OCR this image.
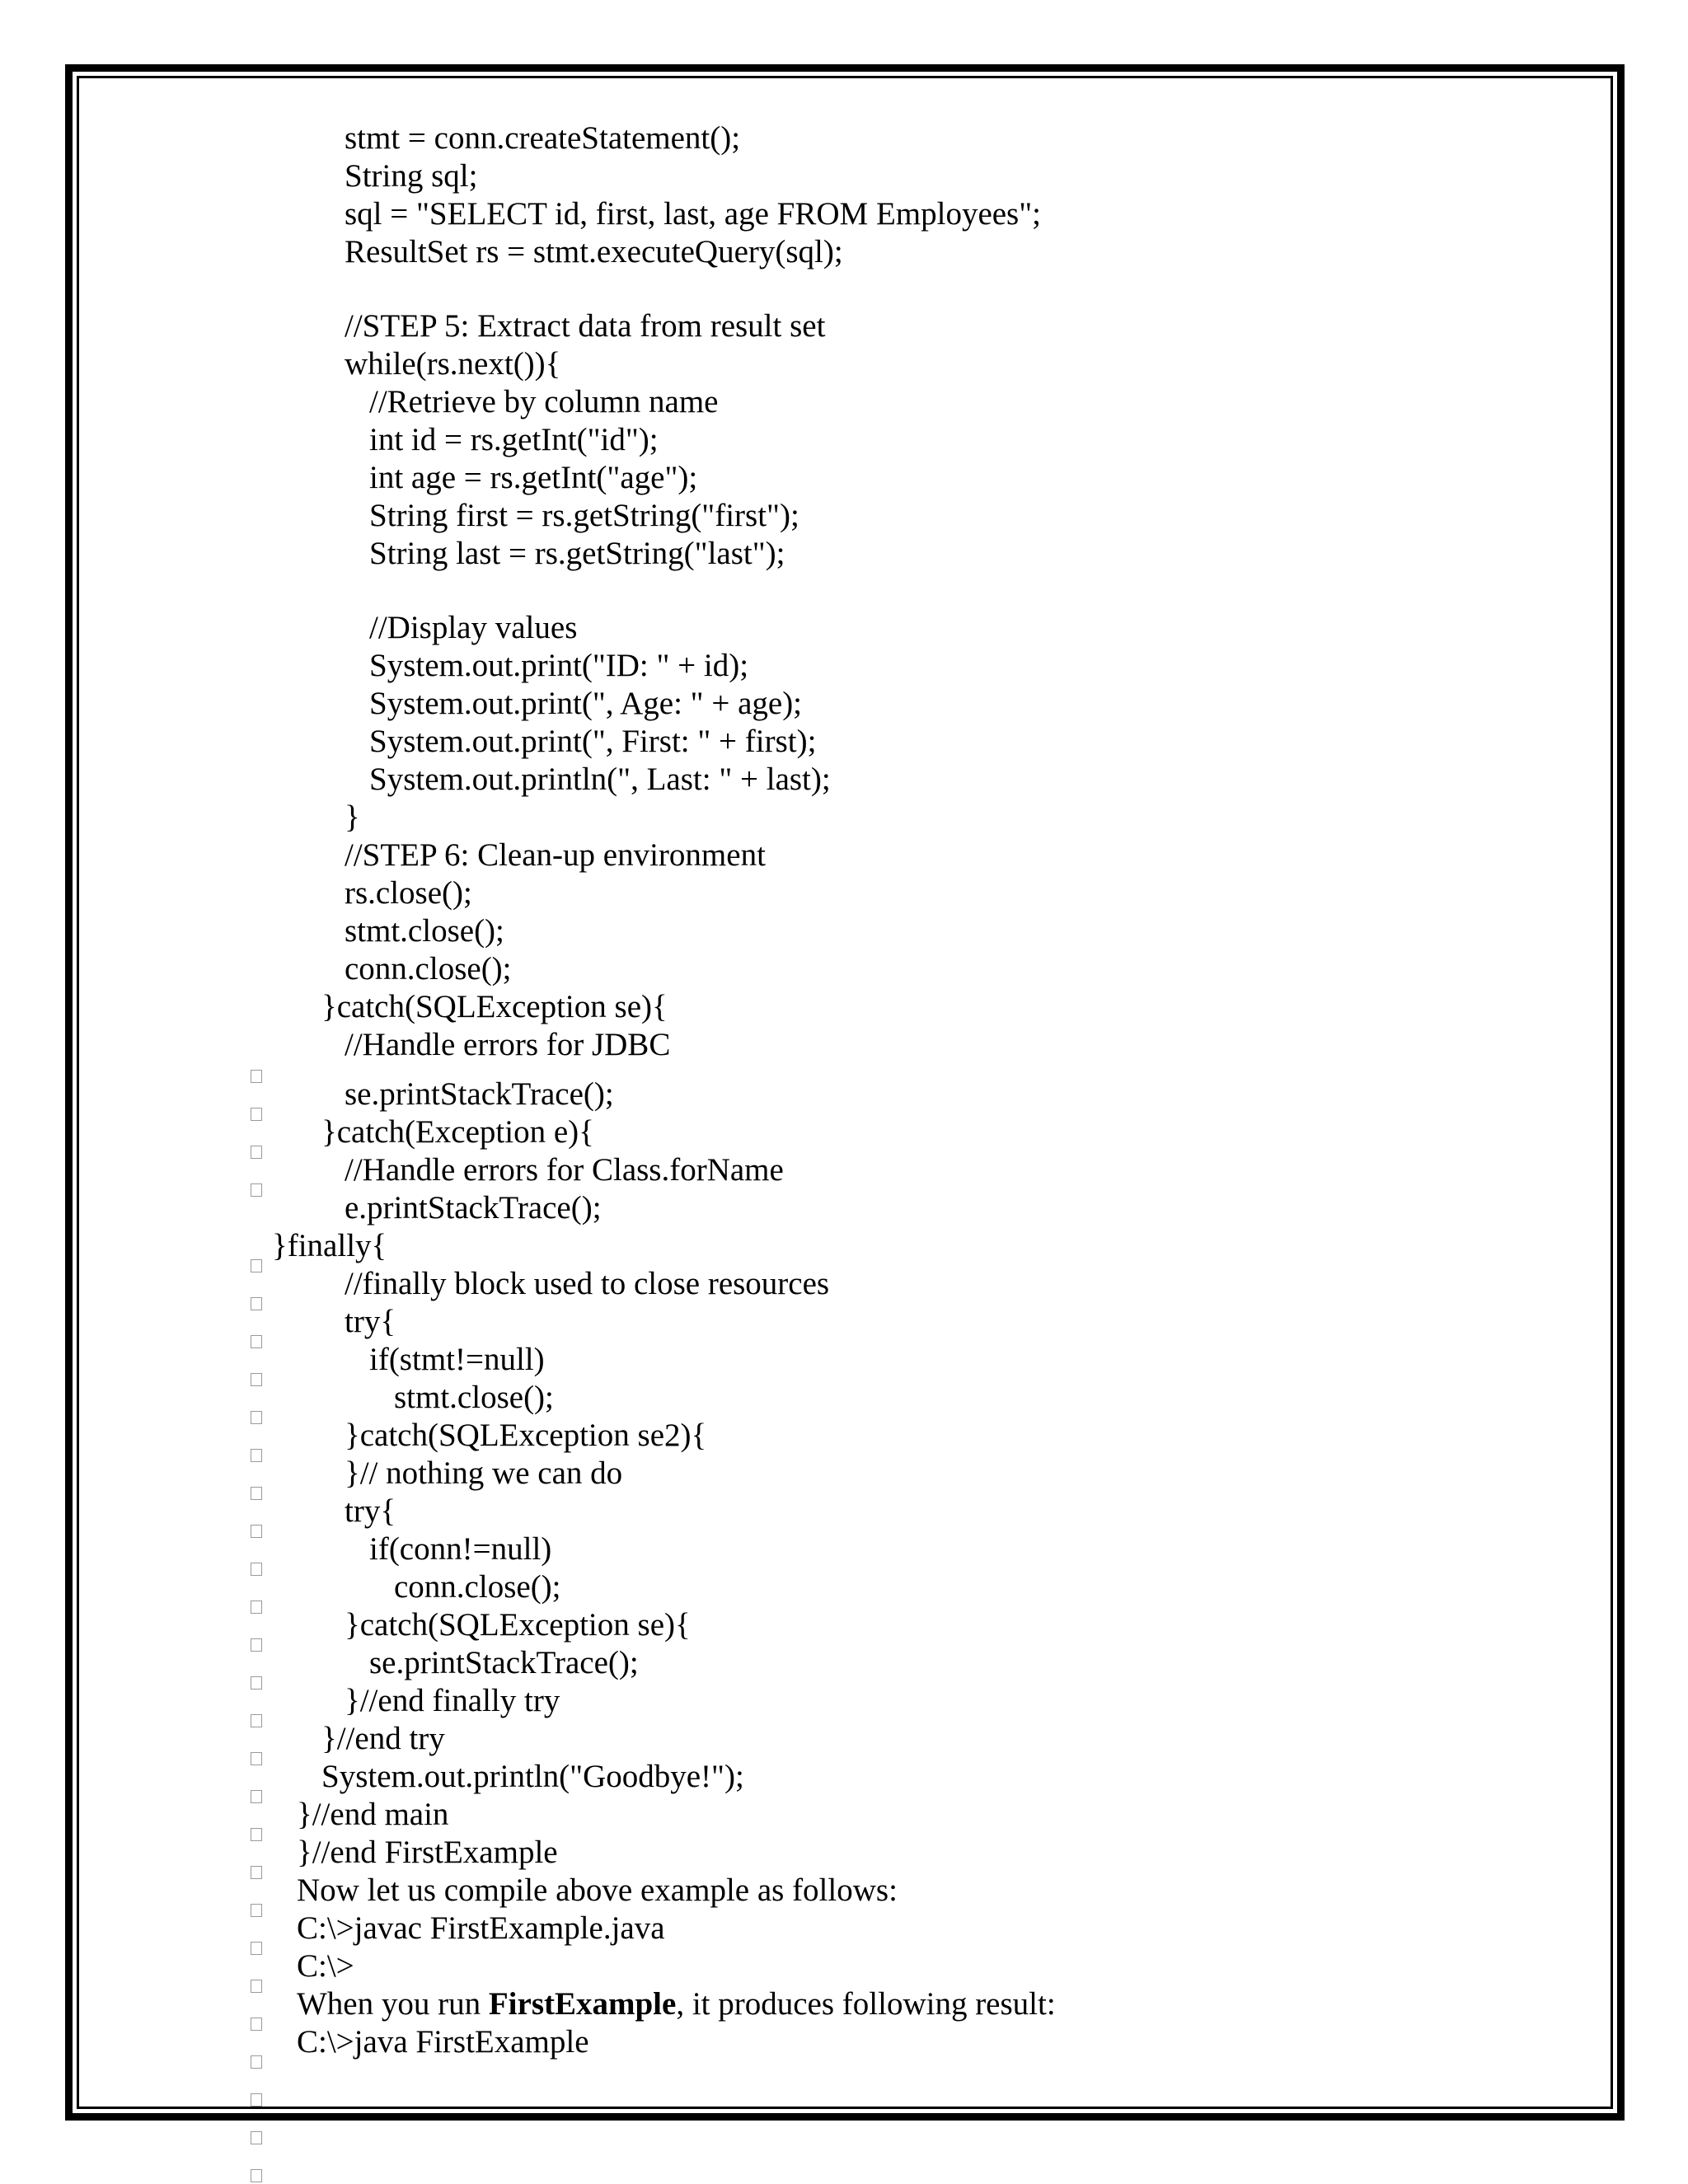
stmt = conn.createStatement();
String sql;
sql = "SELECT id, first, last, age FROM Employees";
ResultSet rs = stmt.executeQuery(sql);
//STEP 5: Extract data from result set
while(rs.next()){
//Retrieve by column name
int id = rs.getInt("id");
int age = rs.getInt("age");
String first = rs.getString("first");
String last = rs.getString("last");
//Display values
System.out.print("ID: " + id);
System.out.print(", Age: " + age);
System.out.print(", First: " + first);
System.out.println(", Last: " + last);
}
//STEP 6: Clean-up environment
rs.close();
stmt.close();
conn.close();
}catch(SQLException se){
//Handle errors for JDBC
se.printStackTrace();
}catch(Exception e){
//Handle errors for Class.forName
e.printStackTrace();
}finally{
//finally block used to close resources
try{
if(stmt!=null)
stmt.close();
}catch(SQLException se2){
}// nothing we can do
try{
if(conn!=null)
conn.close();
}catch(SQLException se){
se.printStackTrace();
}//end finally try
}//end try
System.out.println("Goodbye!");
}//end main
}//end FirstExample
Now let us compile above example as follows:
C:\>javac FirstExample.java
C:\>
When you run FirstExample, it produces following result:
C:\>java FirstExample
